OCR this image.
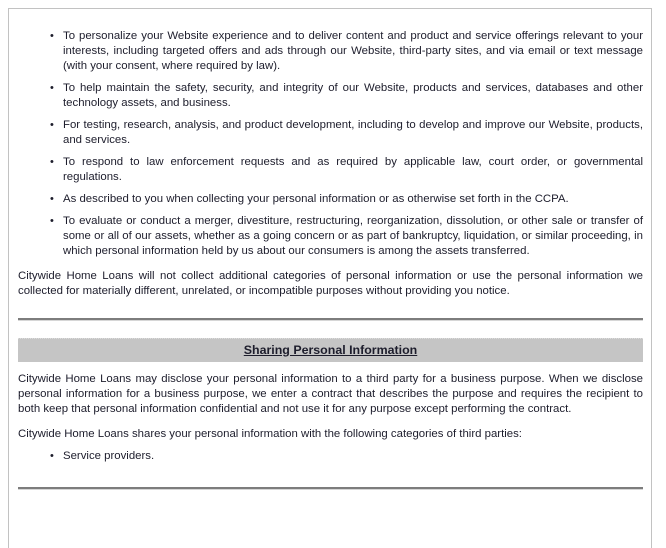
• To personalize your Website experience and to deliver content and product and service offerings relevant to your interests, including targeted offers and ads through our Website, third-party sites, and via email or text message (with your consent, where required by law).
• To help maintain the safety, security, and integrity of our Website, products and services, databases and other technology assets, and business.
• For testing, research, analysis, and product development, including to develop and improve our Website, products, and services.
• To respond to law enforcement requests and as required by applicable law, court order, or governmental regulations.
• As described to you when collecting your personal information or as otherwise set forth in the CCPA.
• To evaluate or conduct a merger, divestiture, restructuring, reorganization, dissolution, or other sale or transfer of some or all of our assets, whether as a going concern or as part of bankruptcy, liquidation, or similar proceeding, in which personal information held by us about our consumers is among the assets transferred.

Citywide Home Loans will not collect additional categories of personal information or use the personal information we collected for materially different, unrelated, or incompatible purposes without providing you notice.

Sharing Personal Information

Citywide Home Loans may disclose your personal information to a third party for a business purpose. When we disclose personal information for a business purpose, we enter a contract that describes the purpose and requires the recipient to both keep that personal information confidential and not use it for any purpose except performing the contract.

Citywide Home Loans shares your personal information with the following categories of third parties:

• Service providers.
